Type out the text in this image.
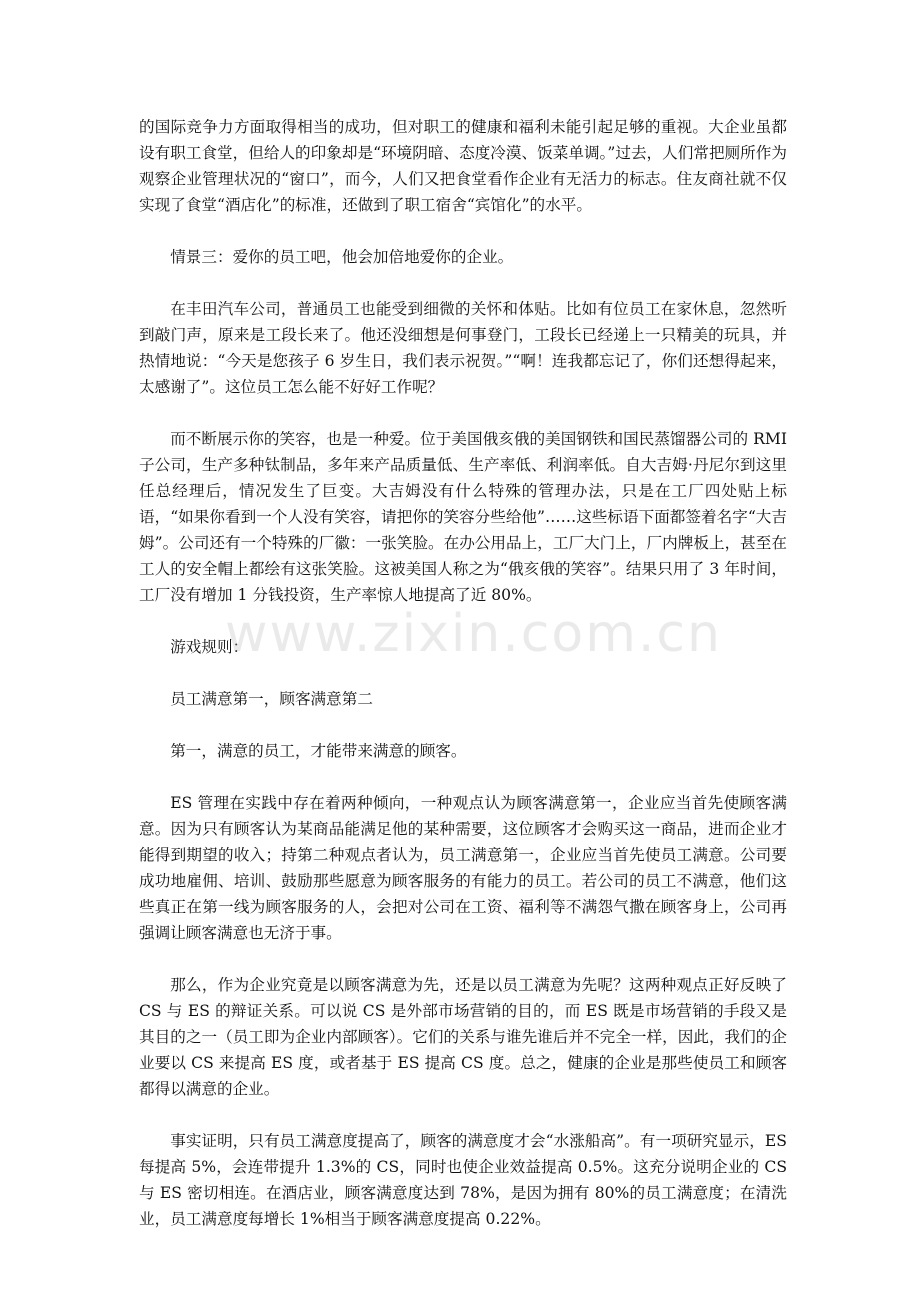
的国际竞争力方面取得相当的成功，但对职工的健康和福利未能引起足够的重视。大企业虽都设有职工食堂，但给人的印象却是“环境阴暗、态度冷漠、饭菜单调。”过去，人们常把厕所作为观察企业管理状况的“窗口”，而今，人们又把食堂看作企业有无活力的标志。住友商社就不仅实现了食堂“酒店化”的标准，还做到了职工宿舍“宾馆化”的水平。

情景三：爱你的员工吧，他会加倍地爱你的企业。

在丰田汽车公司，普通员工也能受到细微的关怀和体贴。比如有位员工在家休息，忽然听到敲门声，原来是工段长来了。他还没细想是何事登门，工段长已经递上一只精美的玩具，并热情地说：“今天是您孩子 6 岁生日，我们表示祝贺。”“啊！连我都忘记了，你们还想得起来，太感谢了”。这位员工怎么能不好好工作呢？

而不断展示你的笑容，也是一种爱。位于美国俄亥俄的美国钢铁和国民蒸馏器公司的 RMI 子公司，生产多种钛制品，多年来产品质量低、生产率低、利润率低。自大吉姆·丹尼尔到这里任总经理后，情况发生了巨变。大吉姆没有什么特殊的管理办法，只是在工厂四处贴上标语，“如果你看到一个人没有笑容，请把你的笑容分些给他”……这些标语下面都签着名字“大吉姆”。公司还有一个特殊的厂徽：一张笑脸。在办公用品上，工厂大门上，厂内牌板上，甚至在工人的安全帽上都绘有这张笑脸。这被美国人称之为“俄亥俄的笑容”。结果只用了 3 年时间，工厂没有增加 1 分钱投资，生产率惊人地提高了近 80%。

游戏规则：

员工满意第一，顾客满意第二

第一，满意的员工，才能带来满意的顾客。

ES 管理在实践中存在着两种倾向，一种观点认为顾客满意第一，企业应当首先使顾客满意。因为只有顾客认为某商品能满足他的某种需要，这位顾客才会购买这一商品，进而企业才能得到期望的收入；持第二种观点者认为，员工满意第一，企业应当首先使员工满意。公司要成功地雇佣、培训、鼓励那些愿意为顾客服务的有能力的员工。若公司的员工不满意，他们这些真正在第一线为顾客服务的人，会把对公司在工资、福利等不满怨气撒在顾客身上，公司再强调让顾客满意也无济于事。

那么，作为企业究竟是以顾客满意为先，还是以员工满意为先呢？这两种观点正好反映了 CS 与 ES 的辩证关系。可以说 CS 是外部市场营销的目的，而 ES 既是市场营销的手段又是其目的之一（员工即为企业内部顾客）。它们的关系与谁先谁后并不完全一样，因此，我们的企业要以 CS 来提高 ES 度，或者基于 ES 提高 CS 度。总之，健康的企业是那些使员工和顾客都得以满意的企业。

事实证明，只有员工满意度提高了，顾客的满意度才会“水涨船高”。有一项研究显示，ES 每提高 5%，会连带提升 1.3%的 CS，同时也使企业效益提高 0.5%。这充分说明企业的 CS 与 ES 密切相连。在酒店业，顾客满意度达到 78%，是因为拥有 80%的员工满意度；在清洗业，员工满意度每增长 1%相当于顾客满意度提高 0.22%。

www.zixin.com.cn
